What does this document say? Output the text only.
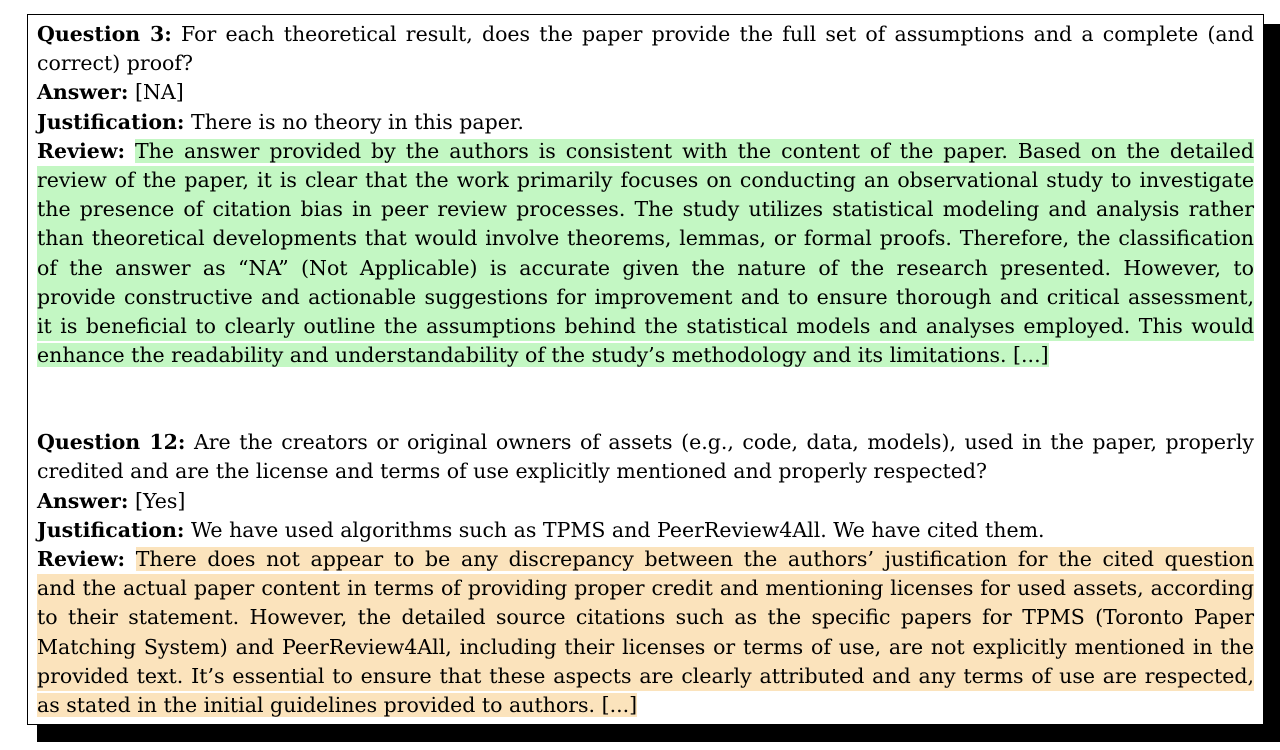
Question 3: For each theoretical result, does the paper provide the full set of assumptions and a complete (and
correct) proof?
Answer: [NA]
Justification: There is no theory in this paper.
Review: The answer provided by the authors is consistent with the content of the paper. Based on the detailed
review of the paper, it is clear that the work primarily focuses on conducting an observational study to investigate
the presence of citation bias in peer review processes. The study utilizes statistical modeling and analysis rather
than theoretical developments that would involve theorems, lemmas, or formal proofs. Therefore, the classification
of the answer as “NA” (Not Applicable) is accurate given the nature of the research presented. However, to
provide constructive and actionable suggestions for improvement and to ensure thorough and critical assessment,
it is beneficial to clearly outline the assumptions behind the statistical models and analyses employed. This would
enhance the readability and understandability of the study’s methodology and its limitations. [...]
Question 12: Are the creators or original owners of assets (e.g., code, data, models), used in the paper, properly
credited and are the license and terms of use explicitly mentioned and properly respected?
Answer: [Yes]
Justification: We have used algorithms such as TPMS and PeerReview4All. We have cited them.
Review: There does not appear to be any discrepancy between the authors’ justification for the cited question
and the actual paper content in terms of providing proper credit and mentioning licenses for used assets, according
to their statement. However, the detailed source citations such as the specific papers for TPMS (Toronto Paper
Matching System) and PeerReview4All, including their licenses or terms of use, are not explicitly mentioned in the
provided text. It’s essential to ensure that these aspects are clearly attributed and any terms of use are respected,
as stated in the initial guidelines provided to authors. [...]
